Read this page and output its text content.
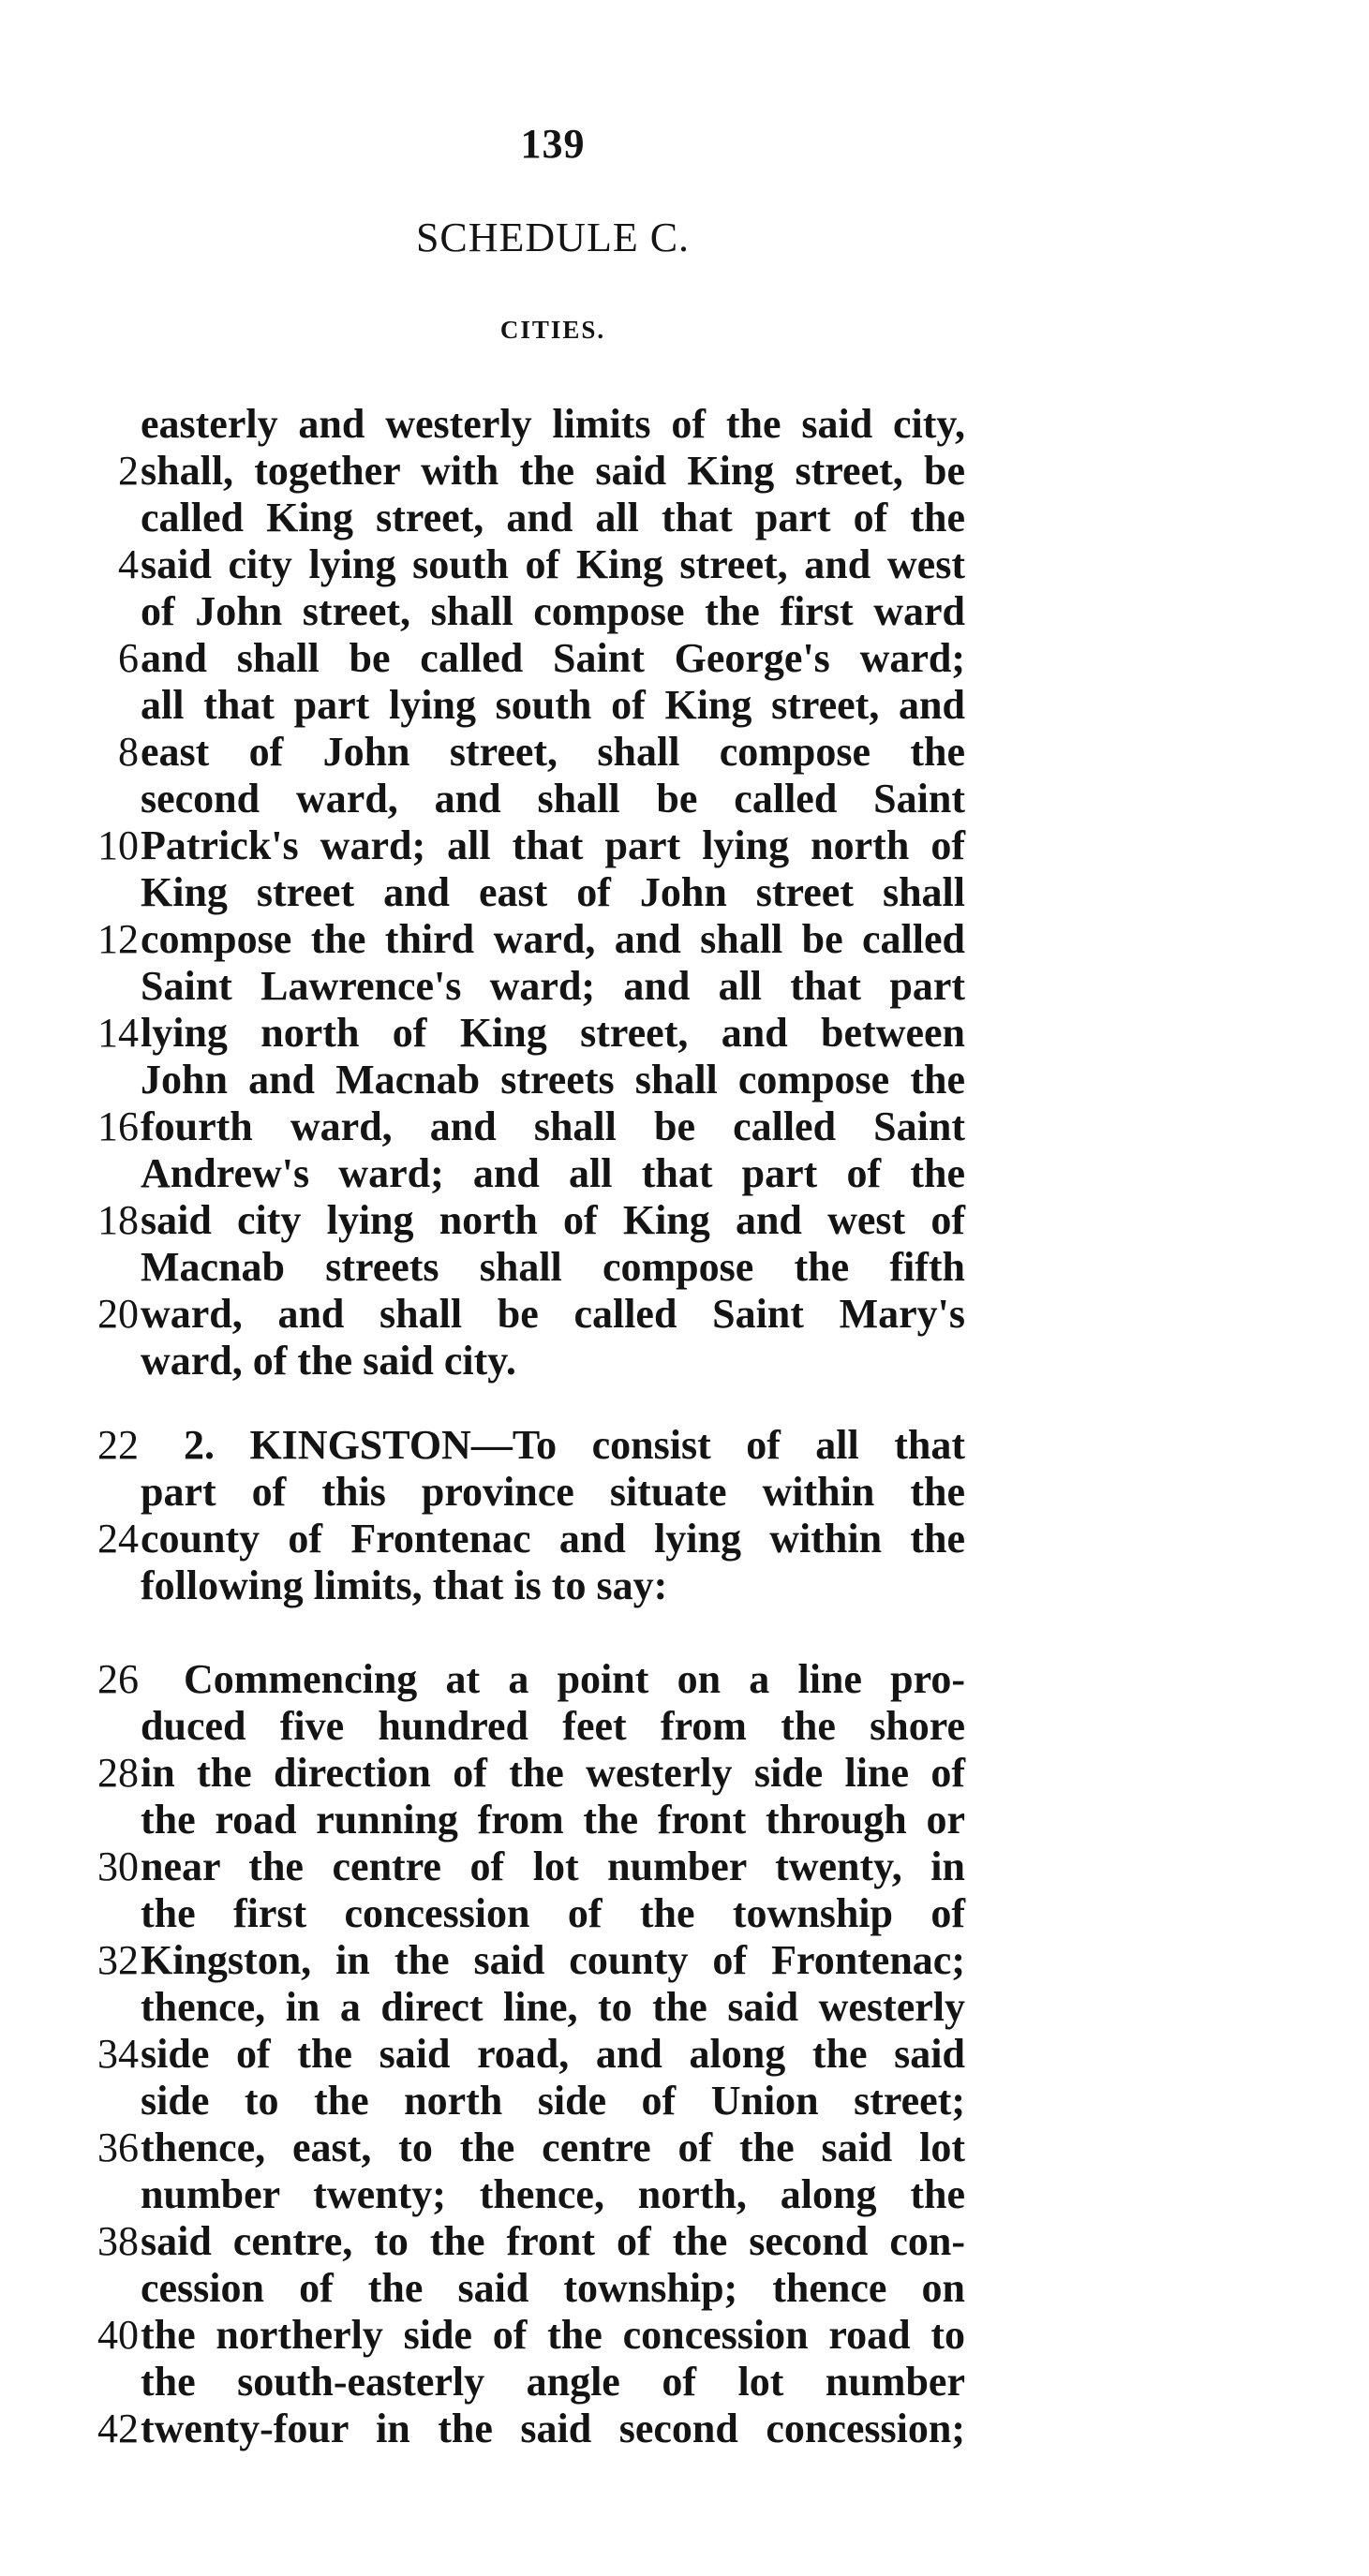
139
SCHEDULE C.
CITIES.
easterly and westerly limits of the said city,
2 shall, together with the said King street, be
called King street, and all that part of the
4 said city lying south of King street, and west
of John street, shall compose the first ward
6 and shall be called Saint George's ward;
all that part lying south of King street, and
8 east of John street, shall compose the
second ward, and shall be called Saint
10 Patrick's ward; all that part lying north of
King street and east of John street shall
12 compose the third ward, and shall be called
Saint Lawrence's ward; and all that part
14 lying north of King street, and between
John and Macnab streets shall compose the
16 fourth ward, and shall be called Saint
Andrew's ward; and all that part of the
18 said city lying north of King and west of
Macnab streets shall compose the fifth
20 ward, and shall be called Saint Mary's
ward, of the said city.
22 2. KINGSTON—To consist of all that
part of this province situate within the
24 county of Frontenac and lying within the
following limits, that is to say:
26 Commencing at a point on a line pro-
duced five hundred feet from the shore
28 in the direction of the westerly side line of
the road running from the front through or
30 near the centre of lot number twenty, in
the first concession of the township of
32 Kingston, in the said county of Frontenac;
thence, in a direct line, to the said westerly
34 side of the said road, and along the said
side to the north side of Union street;
36 thence, east, to the centre of the said lot
number twenty; thence, north, along the
38 said centre, to the front of the second con-
cession of the said township; thence on
40 the northerly side of the concession road to
the south-easterly angle of lot number
42 twenty-four in the said second concession;
